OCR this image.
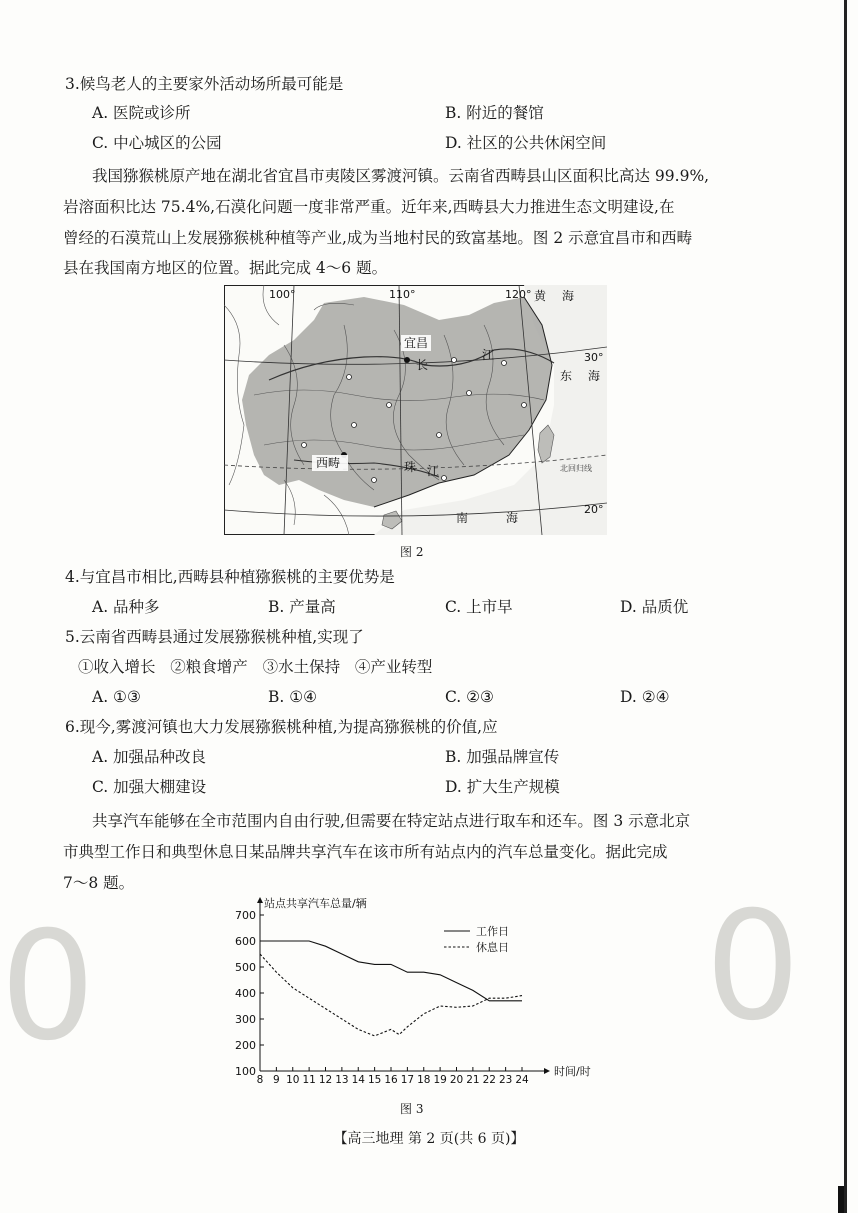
0	0
3.候鸟老人的主要家外活动场所最可能是
A. 医院或诊所	B. 附近的餐馆
C. 中心城区的公园	D. 社区的公共休闲空间
我国猕猴桃原产地在湖北省宜昌市夷陵区雾渡河镇。云南省西畴县山区面积比高达 99.9%,
岩溶面积比达 75.4%,石漠化问题一度非常严重。近年来,西畴县大力推进生态文明建设,在
曾经的石漠荒山上发展猕猴桃种植等产业,成为当地村民的致富基地。图 2 示意宜昌市和西畴
县在我国南方地区的位置。据此完成 4～6 题。
100°	110°	120°
30°
20°
宜昌
长
江
西畴	珠 江
黄 海
东 海
南	海
北回归线
图 2
4.与宜昌市相比,西畴县种植猕猴桃的主要优势是
A. 品种多	B. 产量高	C. 上市早	D. 品质优
5.云南省西畴县通过发展猕猴桃种植,实现了
①收入增长   ②粮食增产   ③水土保持   ④产业转型
A. ①③	B. ①④	C. ②③	D. ②④
6.现今,雾渡河镇也大力发展猕猴桃种植,为提高猕猴桃的价值,应
A. 加强品种改良	B. 加强品牌宣传
C. 加强大棚建设	D. 扩大生产规模
共享汽车能够在全市范围内自由行驶,但需要在特定站点进行取车和还车。图 3 示意北京
市典型工作日和典型休息日某品牌共享汽车在该市所有站点内的汽车总量变化。据此完成
7～8 题。
100
200
300
400
500
600
700
8 9 10 11 12 13 14 15 16 17 18 19 20 21 22 23 24
站点共享汽车总量/辆
时间/时
工作日
休息日
图 3
【高三地理 第 2 页(共 6 页)】
